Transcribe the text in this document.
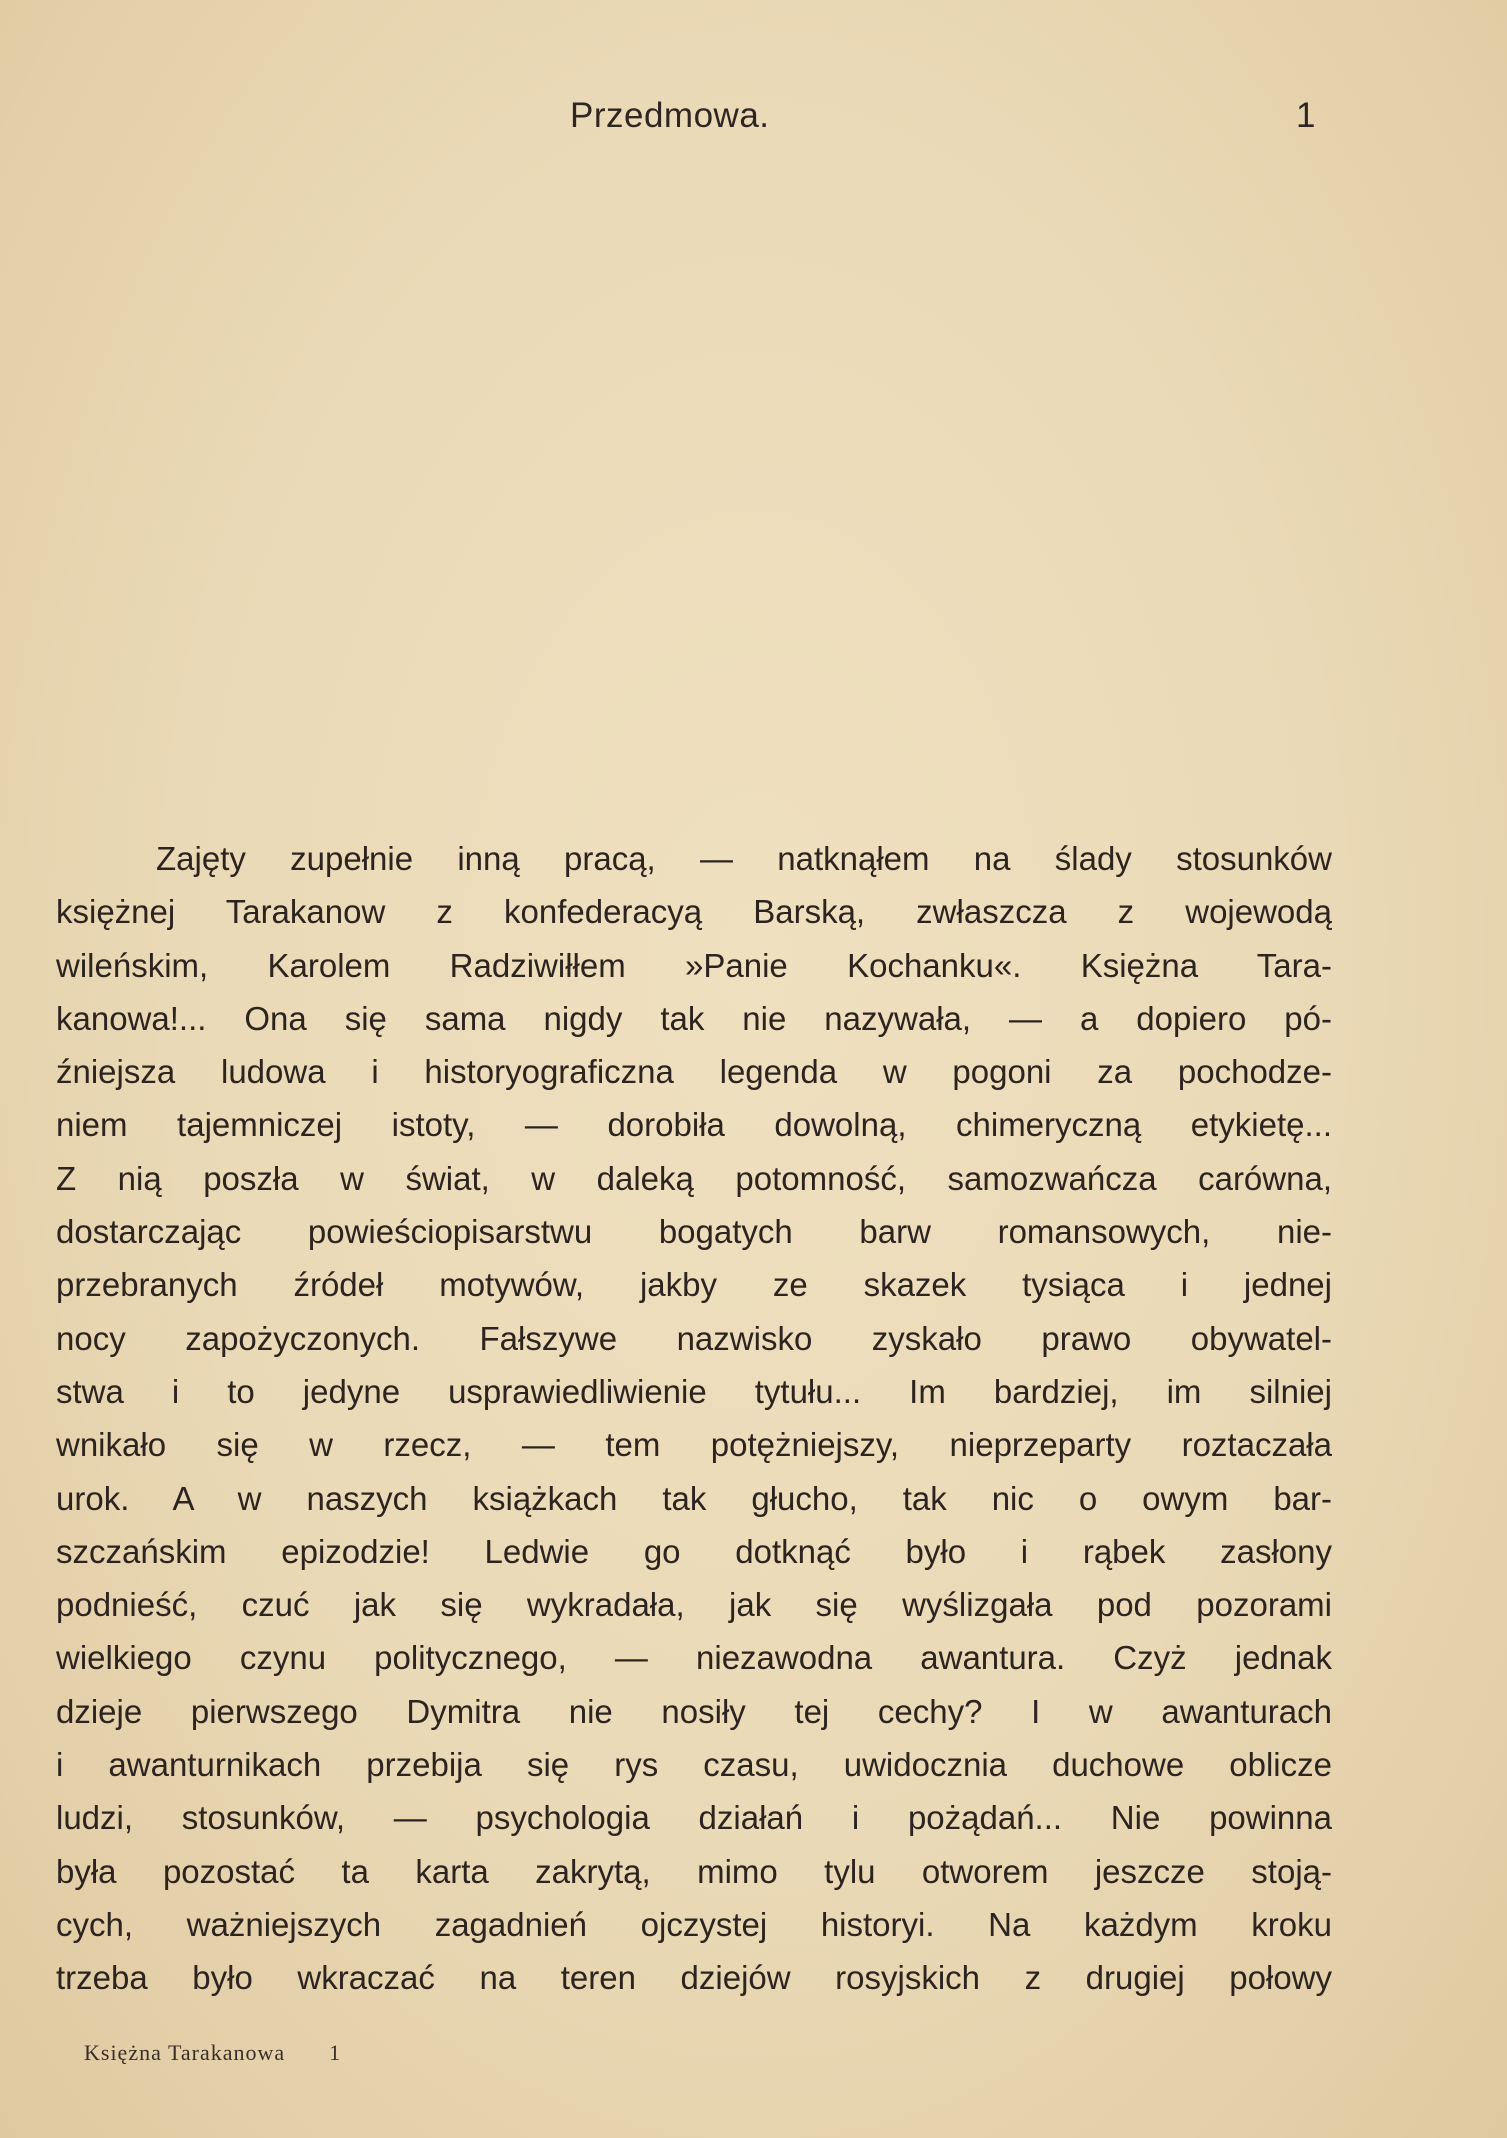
Przedmowa.	1
Zajęty zupełnie inną pracą, — natknąłem na ślady stosunków
księżnej Tarakanow z konfederacyą Barską, zwłaszcza z wojewodą
wileńskim, Karolem Radziwiłłem »Panie Kochanku«. Księżna Tara-
kanowa!... Ona się sama nigdy tak nie nazywała, — a dopiero pó-
źniejsza ludowa i historyograficzna legenda w pogoni za pochodze-
niem tajemniczej istoty, — dorobiła dowolną, chimeryczną etykietę...
Z nią poszła w świat, w daleką potomność, samozwańcza carówna,
dostarczając powieściopisarstwu bogatych barw romansowych, nie-
przebranych źródeł motywów, jakby ze skazek tysiąca i jednej
nocy zapożyczonych. Fałszywe nazwisko zyskało prawo obywatel-
stwa i to jedyne usprawiedliwienie tytułu... Im bardziej, im silniej
wnikało się w rzecz, — tem potężniejszy, nieprzeparty roztaczała
urok. A w naszych książkach tak głucho, tak nic o owym bar-
szczańskim epizodzie! Ledwie go dotknąć było i rąbek zasłony
podnieść, czuć jak się wykradała, jak się wyślizgała pod pozorami
wielkiego czynu politycznego, — niezawodna awantura. Czyż jednak
dzieje pierwszego Dymitra nie nosiły tej cechy? I w awanturach
i awanturnikach przebija się rys czasu, uwidocznia duchowe oblicze
ludzi, stosunków, — psychologia działań i pożądań... Nie powinna
była pozostać ta karta zakrytą, mimo tylu otworem jeszcze stoją-
cych, ważniejszych zagadnień ojczystej historyi. Na każdym kroku
trzeba było wkraczać na teren dziejów rosyjskich z drugiej połowy
Księżna Tarakanowa 1
